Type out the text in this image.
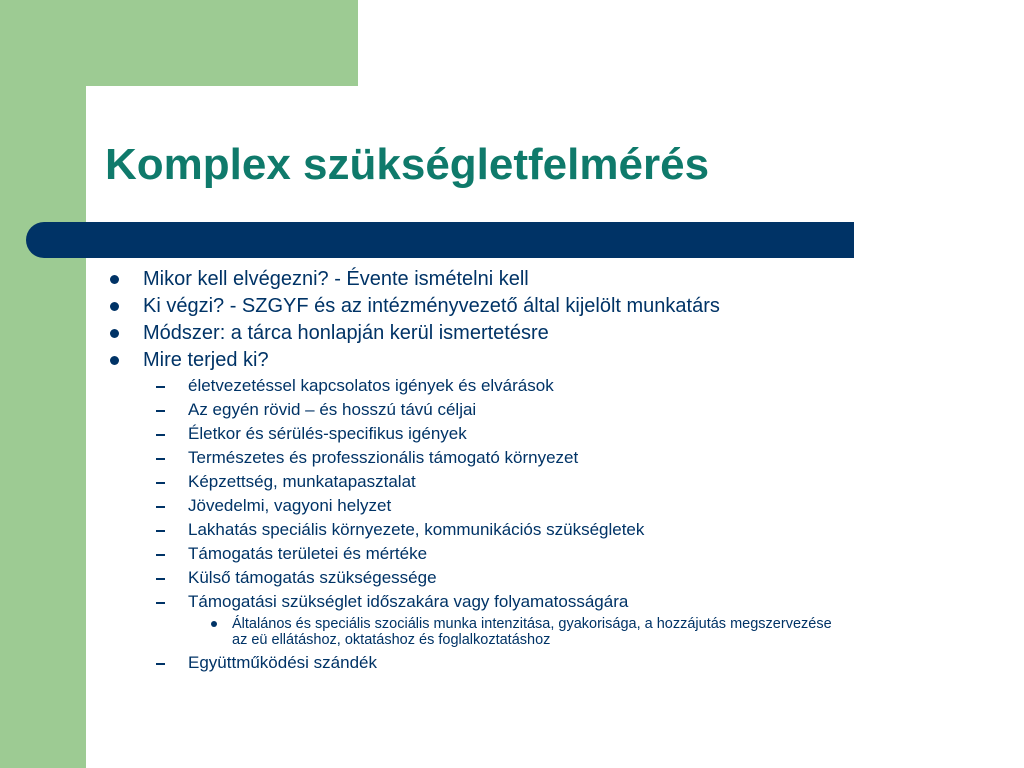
Komplex szükségletfelmérés
Mikor kell elvégezni? - Évente ismételni kell
Ki végzi? - SZGYF és az intézményvezető által kijelölt munkatárs
Módszer: a tárca honlapján kerül ismertetésre
Mire terjed ki?
életvezetéssel kapcsolatos igények és elvárások
Az egyén rövid – és hosszú távú céljai
Életkor és sérülés-specifikus igények
Természetes és professzionális támogató környezet
Képzettség, munkatapasztalat
Jövedelmi, vagyoni helyzet
Lakhatás speciális környezete, kommunikációs szükségletek
Támogatás területei és mértéke
Külső támogatás szükségessége
Támogatási szükséglet időszakára vagy folyamatosságára
Általános és speciális szociális munka intenzitása, gyakorisága, a hozzájutás megszervezése
az eü ellátáshoz, oktatáshoz és foglalkoztatáshoz
Együttműködési szándék
